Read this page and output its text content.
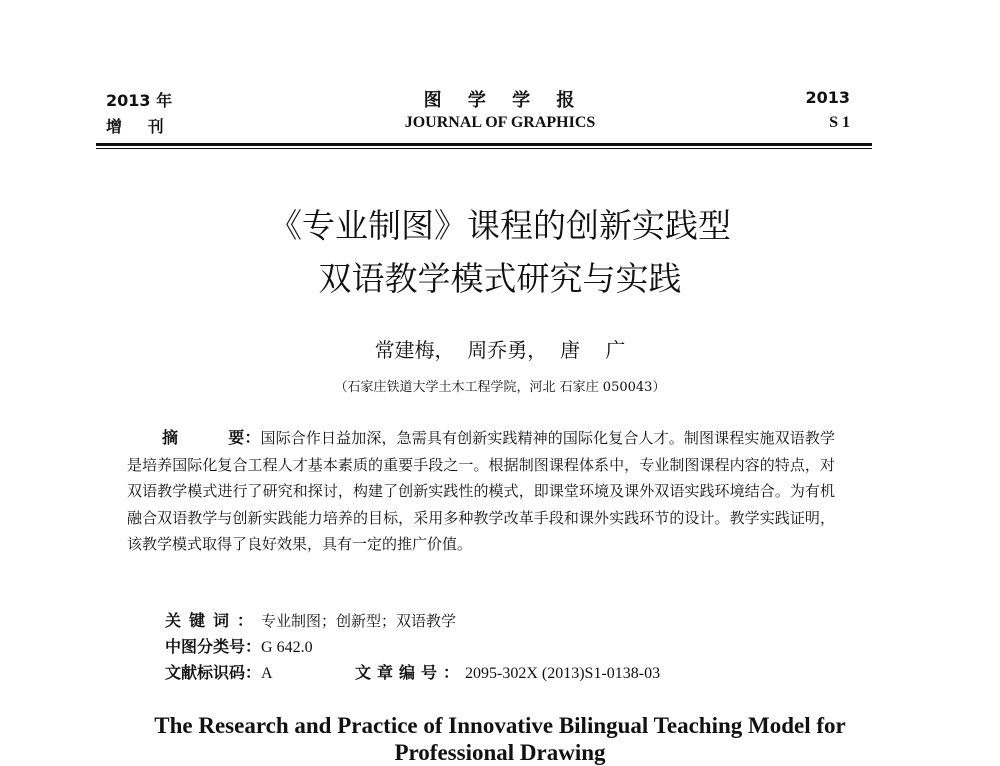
2013 年
增 刊
图 学 学 报
JOURNAL OF GRAPHICS
2013
S 1
《专业制图》课程的创新实践型
双语教学模式研究与实践
常建梅，  周乔勇，  唐    广
（石家庄铁道大学土木工程学院，河北 石家庄 050043）
摘	要：国际合作日益加深，急需具有创新实践精神的国际化复合人才。制图课程实施双语教学是培养国际化复合工程人才基本素质的重要手段之一。根据制图课程体系中，专业制图课程内容的特点，对双语教学模式进行了研究和探讨，构建了创新实践性的模式，即课堂环境及课外双语实践环境结合。为有机融合双语教学与创新实践能力培养的目标，采用多种教学改革手段和课外实践环节的设计。教学实践证明，该教学模式取得了良好效果，具有一定的推广价值。
关键词：专业制图；创新型；双语教学
中图分类号：G 642.0
文献标识码：A	文章编号：2095-302X (2013)S1-0138-03
The Research and Practice of Innovative Bilingual Teaching Model for
Professional Drawing
